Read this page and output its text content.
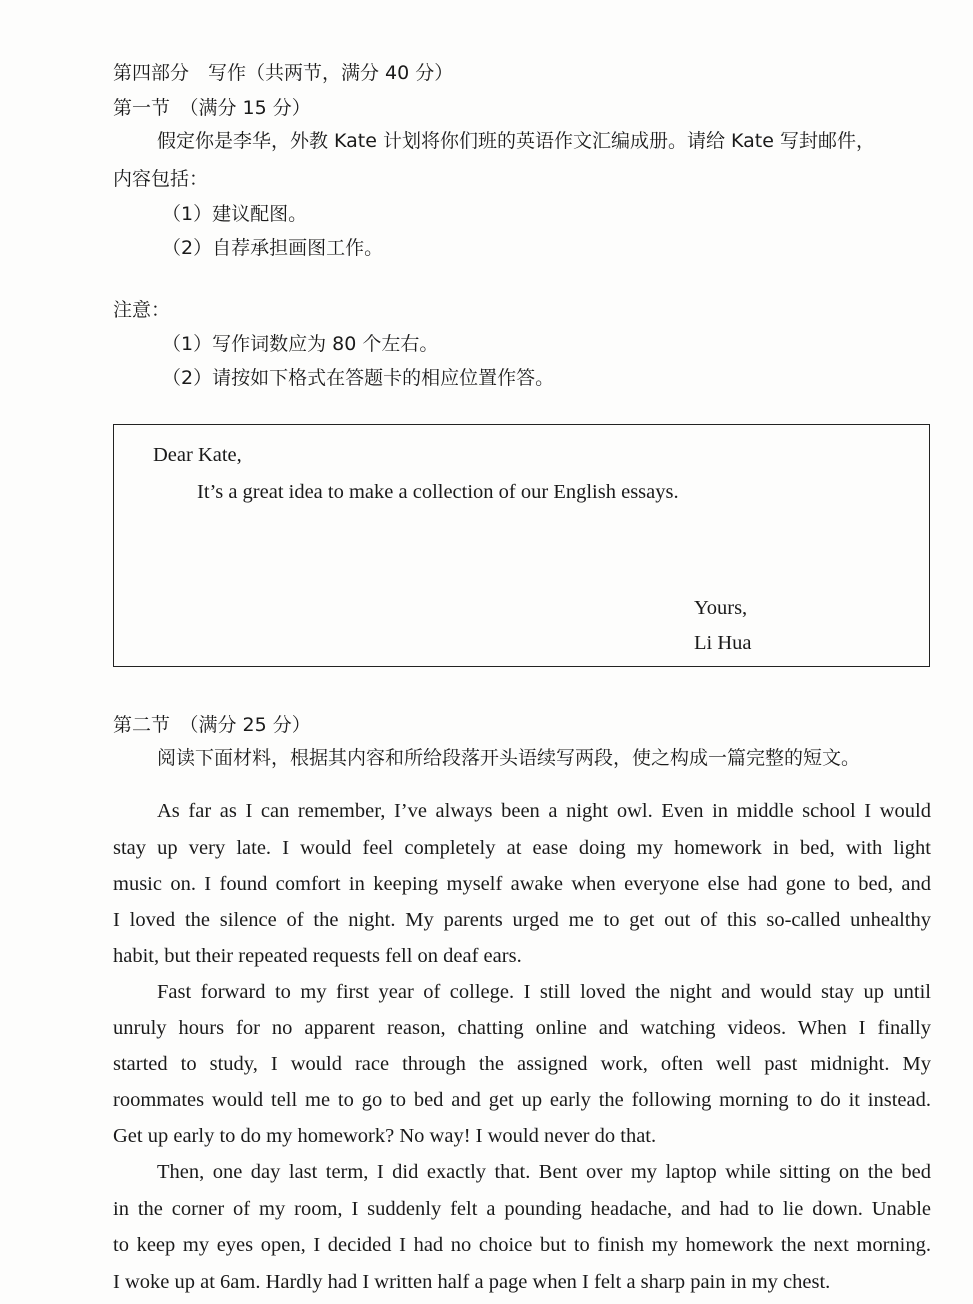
第四部分　写作（共两节，满分 40 分）
第一节　（满分 15 分）
假定你是李华，外教 Kate 计划将你们班的英语作文汇编成册。请给 Kate 写封邮件，
内容包括：
（1）建议配图。
（2）自荐承担画图工作。
注意：
（1）写作词数应为 80 个左右。
（2）请按如下格式在答题卡的相应位置作答。
Dear Kate,
It’s a great idea to make a collection of our English essays.
Yours,
Li Hua
第二节　（满分 25 分）
阅读下面材料，根据其内容和所给段落开头语续写两段，使之构成一篇完整的短文。
As far as I can remember, I’ve always been a night owl. Even in middle school I would
stay up very late. I would feel completely at ease doing my homework in bed, with light
music on. I found comfort in keeping myself awake when everyone else had gone to bed, and
I loved the silence of the night. My parents urged me to get out of this so-called unhealthy
habit, but their repeated requests fell on deaf ears.
Fast forward to my first year of college. I still loved the night and would stay up until
unruly hours for no apparent reason, chatting online and watching videos. When I finally
started to study, I would race through the assigned work, often well past midnight. My
roommates would tell me to go to bed and get up early the following morning to do it instead.
Get up early to do my homework? No way! I would never do that.
Then, one day last term, I did exactly that. Bent over my laptop while sitting on the bed
in the corner of my room, I suddenly felt a pounding headache, and had to lie down. Unable
to keep my eyes open, I decided I had no choice but to finish my homework the next morning.
I woke up at 6am. Hardly had I written half a page when I felt a sharp pain in my chest.
